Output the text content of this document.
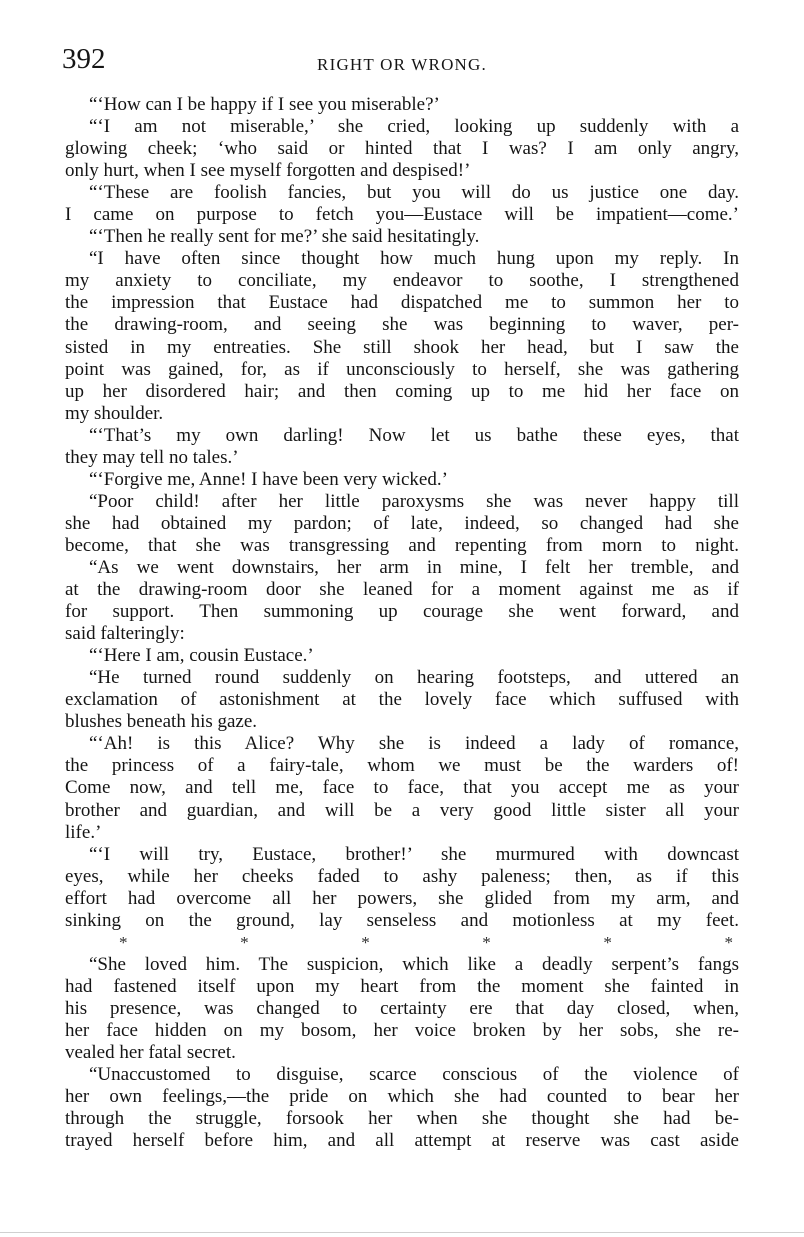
392	RIGHT OR WRONG.
“‘How can I be happy if I see you miserable?’
“‘I am not miserable,’ she cried, looking up suddenly with a
glowing cheek; ‘who said or hinted that I was? I am only angry,
only hurt, when I see myself forgotten and despised!’
“‘These are foolish fancies, but you will do us justice one day.
I came on purpose to fetch you—Eustace will be impatient—come.’
“‘Then he really sent for me?’ she said hesitatingly.
“I have often since thought how much hung upon my reply. In
my anxiety to conciliate, my endeavor to soothe, I strengthened
the impression that Eustace had dispatched me to summon her to
the drawing-room, and seeing she was beginning to waver, per-
sisted in my entreaties. She still shook her head, but I saw the
point was gained, for, as if unconsciously to herself, she was gathering
up her disordered hair; and then coming up to me hid her face on
my shoulder.
“‘That’s my own darling! Now let us bathe these eyes, that
they may tell no tales.’
“‘Forgive me, Anne! I have been very wicked.’
“Poor child! after her little paroxysms she was never happy till
she had obtained my pardon; of late, indeed, so changed had she
become, that she was transgressing and repenting from morn to night.
“As we went downstairs, her arm in mine, I felt her tremble, and
at the drawing-room door she leaned for a moment against me as if
for support. Then summoning up courage she went forward, and
said falteringly:
“‘Here I am, cousin Eustace.’
“He turned round suddenly on hearing footsteps, and uttered an
exclamation of astonishment at the lovely face which suffused with
blushes beneath his gaze.
“‘Ah! is this Alice? Why she is indeed a lady of romance,
the princess of a fairy-tale, whom we must be the warders of!
Come now, and tell me, face to face, that you accept me as your
brother and guardian, and will be a very good little sister all your
life.’
“‘I will try, Eustace, brother!’ she murmured with downcast
eyes, while her cheeks faded to ashy paleness; then, as if this
effort had overcome all her powers, she glided from my arm, and
sinking on the ground, lay senseless and motionless at my feet.
*	*	*	*	*	*
“She loved him. The suspicion, which like a deadly serpent’s fangs
had fastened itself upon my heart from the moment she fainted in
his presence, was changed to certainty ere that day closed, when,
her face hidden on my bosom, her voice broken by her sobs, she re-
vealed her fatal secret.
“Unaccustomed to disguise, scarce conscious of the violence of
her own feelings,—the pride on which she had counted to bear her
through the struggle, forsook her when she thought she had be-
trayed herself before him, and all attempt at reserve was cast aside
